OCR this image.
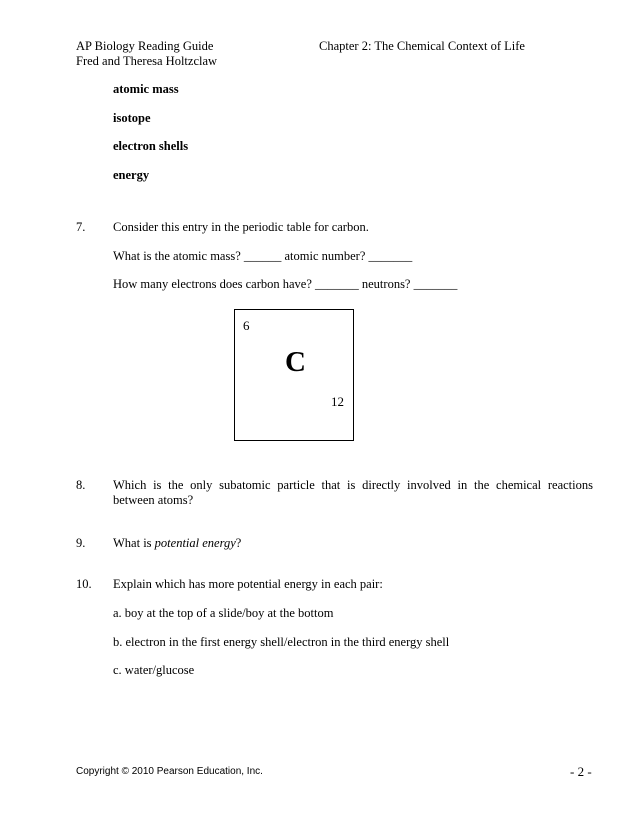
AP Biology Reading Guide
Fred and Theresa Holtzclaw
Chapter 2: The Chemical Context of Life
atomic mass
isotope
electron shells
energy
7. Consider this entry in the periodic table for carbon.
What is the atomic mass? ______ atomic number? _______
How many electrons does carbon have? _______ neutrons? _______
6
C
12
8. Which is the only subatomic particle that is directly involved in the chemical reactions
between atoms?
9. What is potential energy?
10. Explain which has more potential energy in each pair:
a. boy at the top of a slide/boy at the bottom
b. electron in the first energy shell/electron in the third energy shell
c. water/glucose
Copyright © 2010 Pearson Education, Inc.	- 2 -
